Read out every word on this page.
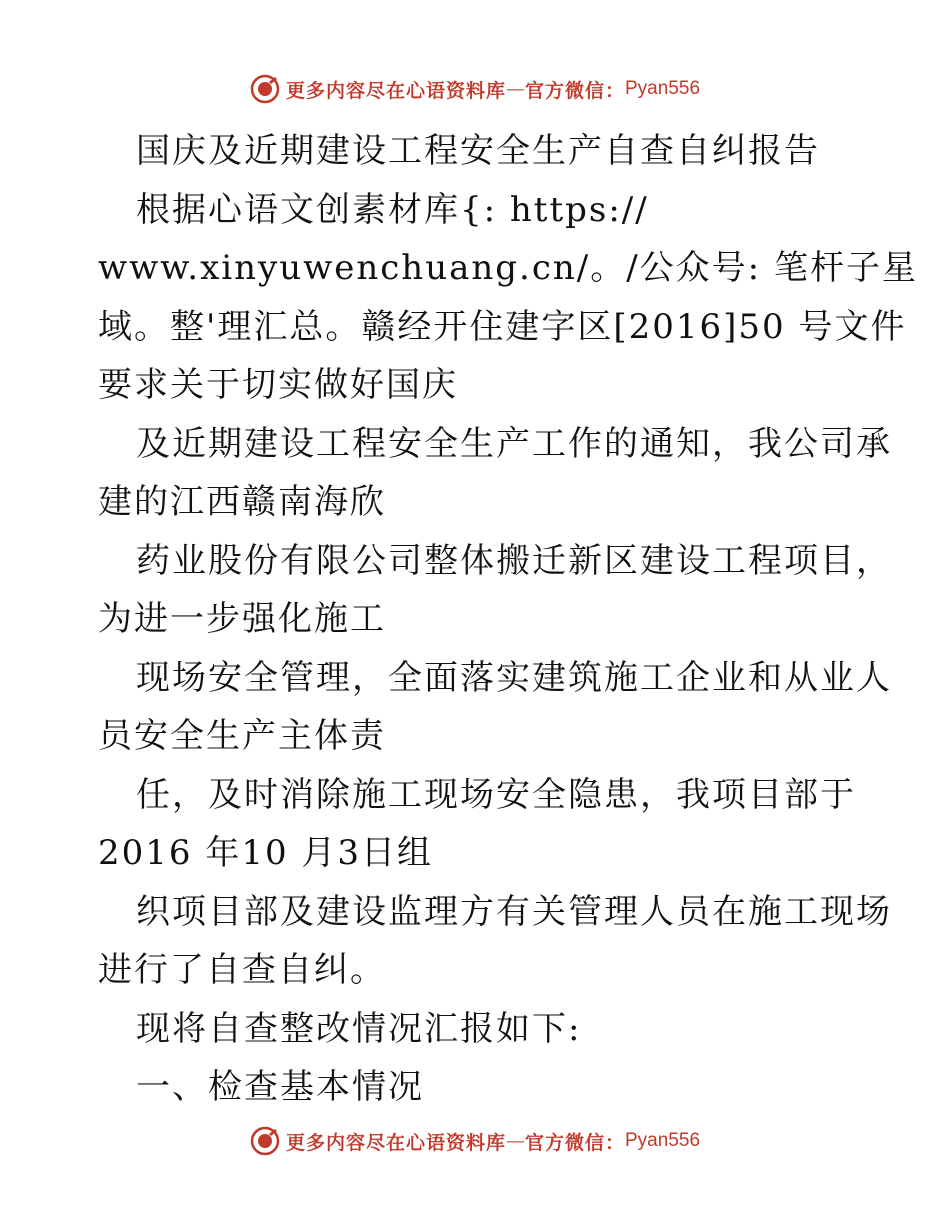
更多内容尽在心语资料库 — 官方微信： Pyan556
国庆及近期建设工程安全生产自查自纠报告
根据心语文创素材库{: https://
www.xinyuwenchuang.cn/。/公众号: 笔杆子星
域。整'理汇总。赣经开住建字区[2016]50 号文件
要求关于切实做好国庆
及近期建设工程安全生产工作的通知，我公司承
建的江西赣南海欣
药业股份有限公司整体搬迁新区建设工程项目，
为进一步强化施工
现场安全管理，全面落实建筑施工企业和从业人
员安全生产主体责
任，及时消除施工现场安全隐患，我项目部于
2016 年10 月3日组
织项目部及建设监理方有关管理人员在施工现场
进行了自查自纠。
现将自查整改情况汇报如下:
一、检查基本情况
更多内容尽在心语资料库 — 官方微信： Pyan556
